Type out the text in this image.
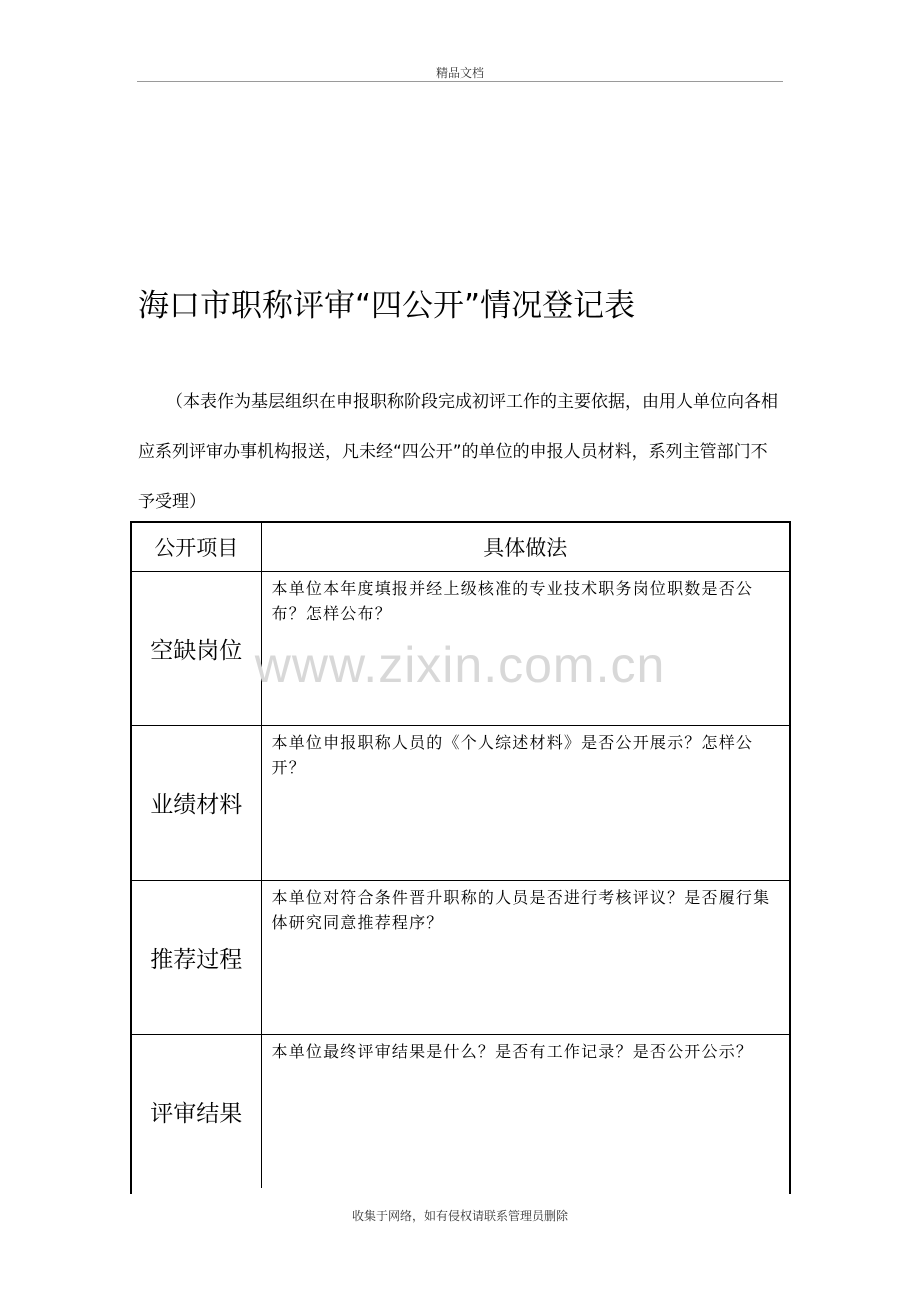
精品文档
海口市职称评审“四公开”情况登记表

（本表作为基层组织在申报职称阶段完成初评工作的主要依据，由用人单位向各相应系列评审办事机构报送，凡未经“四公开”的单位的申报人员材料，系列主管部门不予受理）

公开项目	具体做法
空缺岗位	本单位本年度填报并经上级核准的专业技术职务岗位职数是否公布？怎样公布？
业绩材料	本单位申报职称人员的《个人综述材料》是否公开展示？怎样公开？
推荐过程	本单位对符合条件晋升职称的人员是否进行考核评议？是否履行集体研究同意推荐程序？
评审结果	本单位最终评审结果是什么？是否有工作记录？是否公开公示？
www.zixin.com.cn
收集于网络，如有侵权请联系管理员删除
